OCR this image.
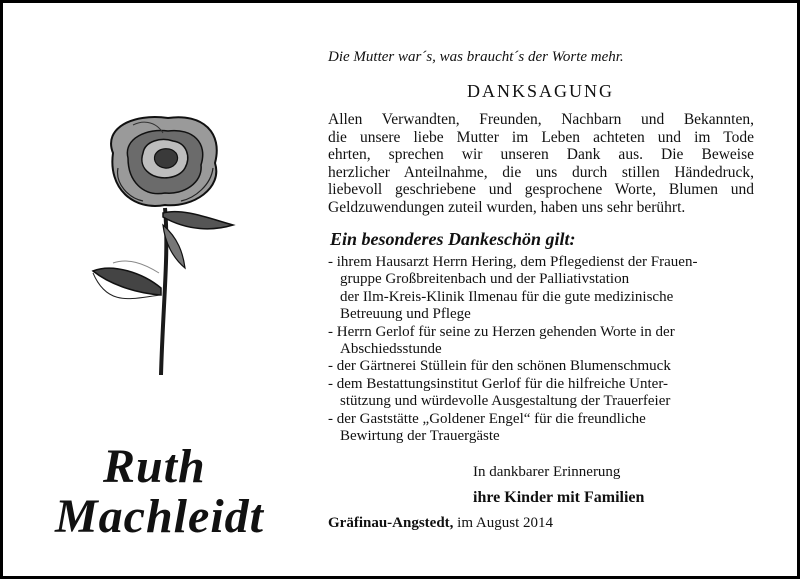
Die Mutter war´s, was braucht´s der Worte mehr.
DANKSAGUNG
Allen Verwandten, Freunden, Nachbarn und Bekannten,
die unsere liebe Mutter im Leben achteten und im Tode
ehrten, sprechen wir unseren Dank aus. Die Beweise
herzlicher Anteilnahme, die uns durch stillen Händedruck,
liebevoll geschriebene und gesprochene Worte, Blumen und
Geldzuwendungen zuteil wurden, haben uns sehr berührt.
Ein besonderes Dankeschön gilt:
- ihrem Hausarzt Herrn Hering, dem Pflegedienst der Frauen-
gruppe Großbreitenbach und der Palliativstation
der Ilm-Kreis-Klinik Ilmenau für die gute medizinische
Betreuung und Pflege
- Herrn Gerlof für seine zu Herzen gehenden Worte in der
Abschiedsstunde
- der Gärtnerei Stüllein für den schönen Blumenschmuck
- dem Bestattungsinstitut Gerlof für die hilfreiche Unter-
stützung und würdevolle Ausgestaltung der Trauerfeier
- der Gaststätte „Goldener Engel“ für die freundliche
Bewirtung der Trauergäste
In dankbarer Erinnerung
ihre Kinder mit Familien
Gräfinau-Angstedt, im August 2014
Ruth
Machleidt
